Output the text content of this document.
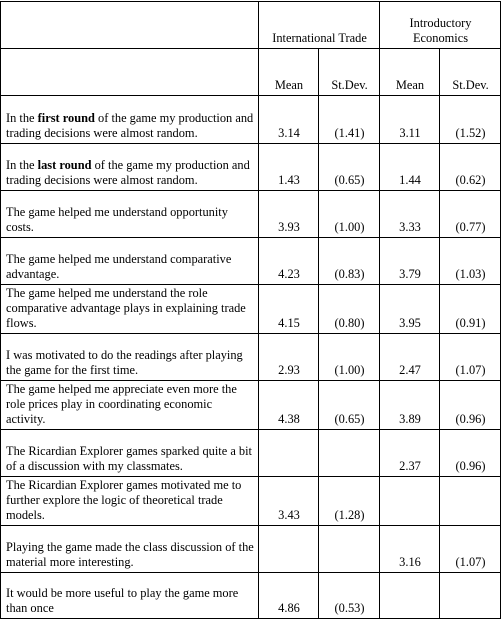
	International Trade		Introductory
Economics	

	Mean	St.Dev.	Mean	St.Dev.
In the first round of the game my production and trading decisions were almost random.	3.14	(1.41)	3.11	(1.52)
In the last round of the game my production and trading decisions were almost random.	1.43	(0.65)	1.44	(0.62)
The game helped me understand opportunity costs.	3.93	(1.00)	3.33	(0.77)
The game helped me understand comparative advantage.	4.23	(0.83)	3.79	(1.03)
The game helped me understand the role comparative advantage plays in explaining trade flows.	4.15	(0.80)	3.95	(0.91)
I was motivated to do the readings after playing the game for the first time.	2.93	(1.00)	2.47	(1.07)
The game helped me appreciate even more the role prices play in coordinating economic activity.	4.38	(0.65)	3.89	(0.96)
The Ricardian Explorer games sparked quite a bit of a discussion with my classmates.			2.37	(0.96)
The Ricardian Explorer games motivated me to further explore the logic of theoretical trade models.	3.43	(1.28)		
Playing the game made the class discussion of the material more interesting.			3.16	(1.07)
It would be more useful to play the game more than once	4.86	(0.53)		
